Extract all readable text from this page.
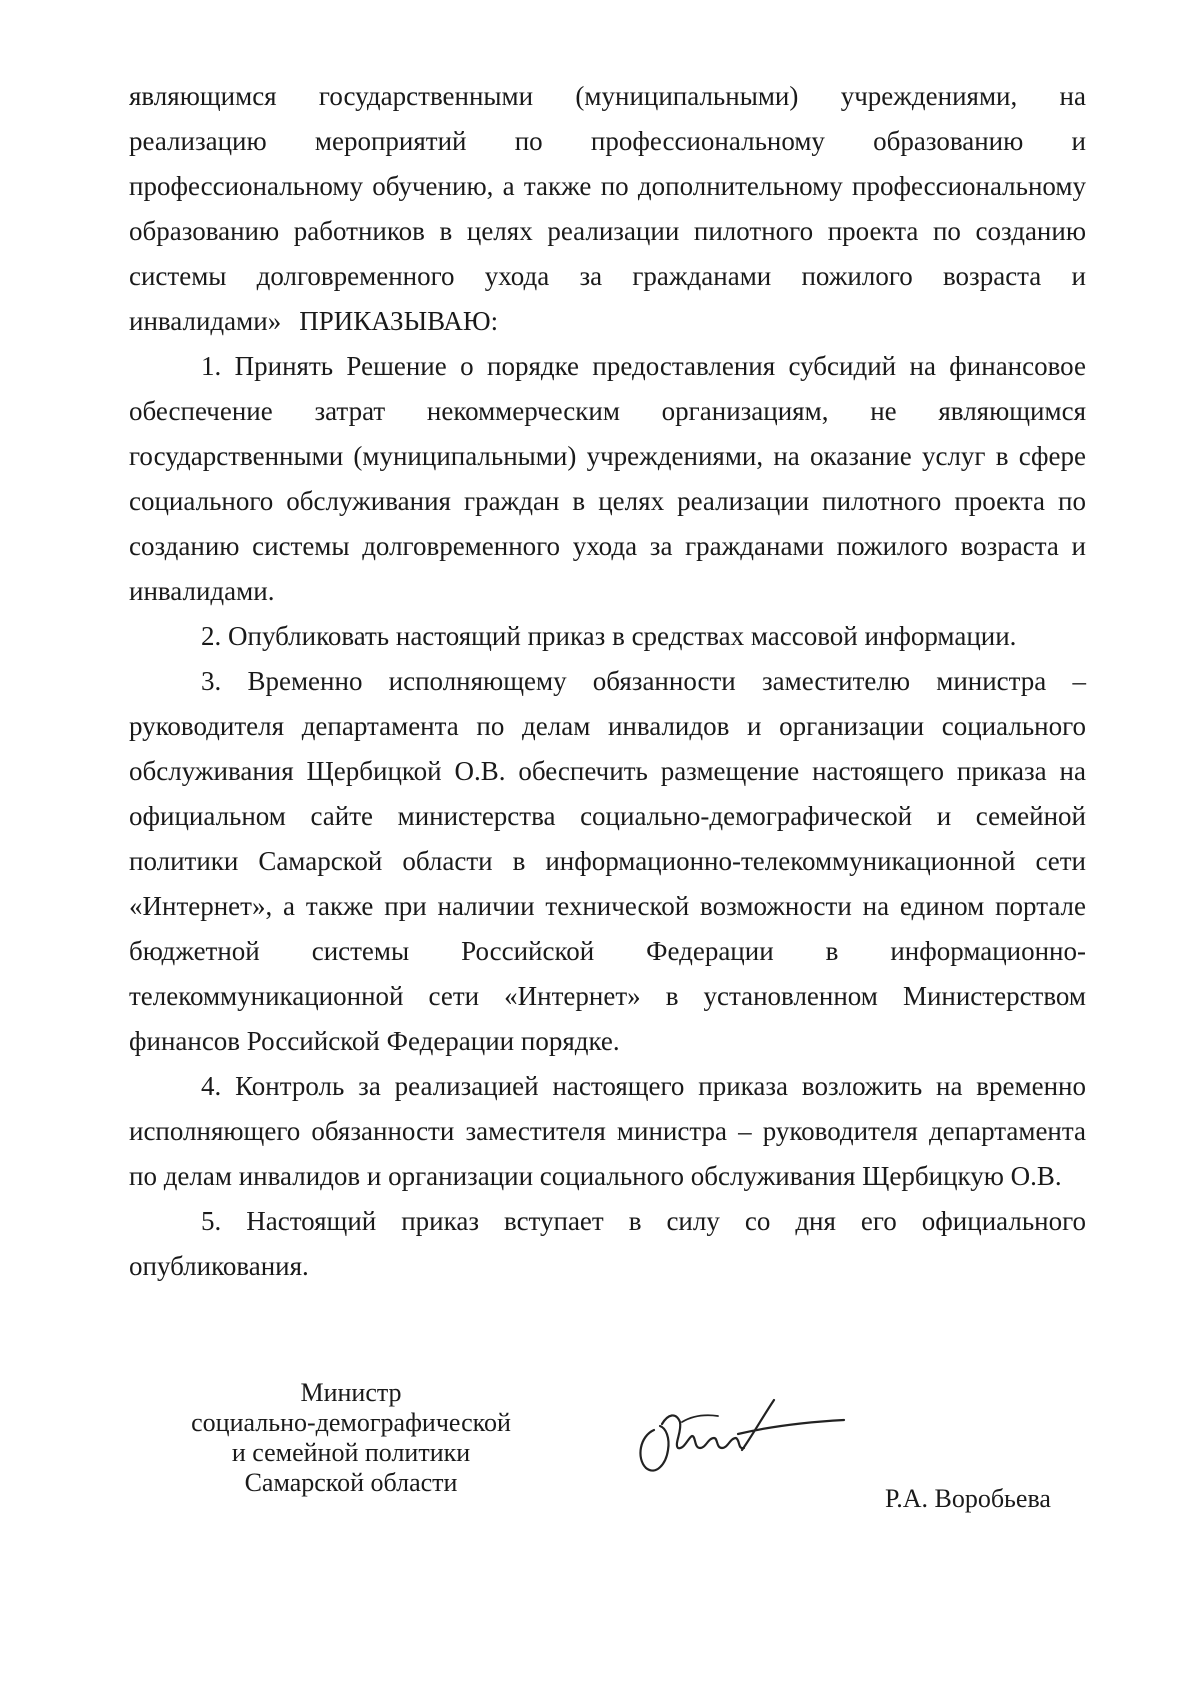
являющимся государственными (муниципальными) учреждениями, на реализацию мероприятий по профессиональному образованию и профессиональному обучению, а также по дополнительному профессиональному образованию работников в целях реализации пилотного проекта по созданию системы долговременного ухода за гражданами пожилого возраста и инвалидами» ПРИКАЗЫВАЮ:

1. Принять Решение о порядке предоставления субсидий на финансовое обеспечение затрат некоммерческим организациям, не являющимся государственными (муниципальными) учреждениями, на оказание услуг в сфере социального обслуживания граждан в целях реализации пилотного проекта по созданию системы долговременного ухода за гражданами пожилого возраста и инвалидами.

2. Опубликовать настоящий приказ в средствах массовой информации.

3. Временно исполняющему обязанности заместителю министра – руководителя департамента по делам инвалидов и организации социального обслуживания Щербицкой О.В. обеспечить размещение настоящего приказа на официальном сайте министерства социально-демографической и семейной политики Самарской области в информационно-телекоммуникационной сети «Интернет», а также при наличии технической возможности на едином портале бюджетной системы Российской Федерации в информационно-телекоммуникационной сети «Интернет» в установленном Министерством финансов Российской Федерации порядке.

4. Контроль за реализацией настоящего приказа возложить на временно исполняющего обязанности заместителя министра – руководителя департамента по делам инвалидов и организации социального обслуживания Щербицкую О.В.

5. Настоящий приказ вступает в силу со дня его официального опубликования.

Министр
социально-демографической
и семейной политики
Самарской области
Р.А. Воробьева
